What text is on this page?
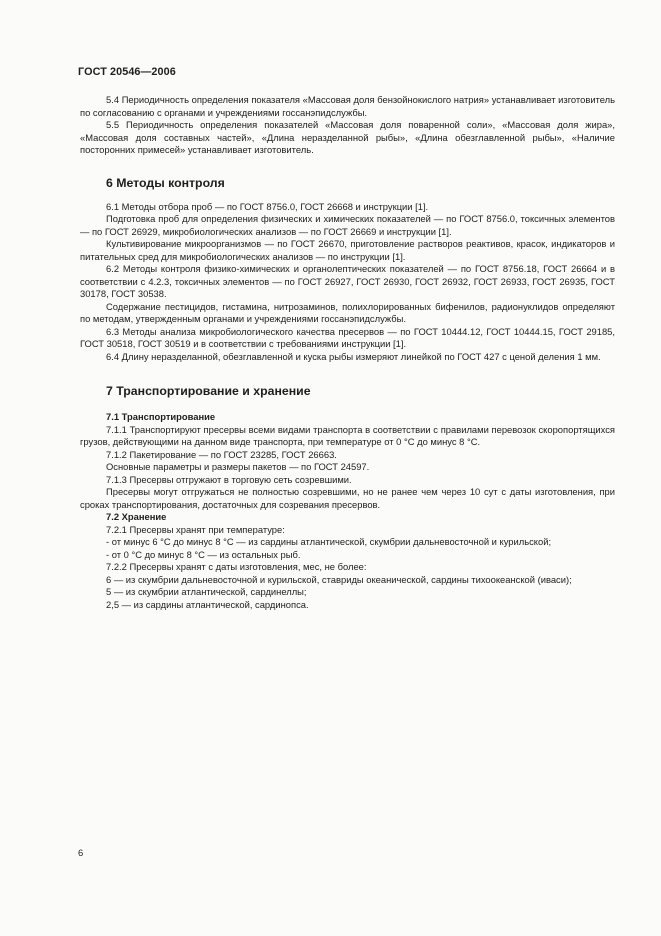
ГОСТ 20546—2006

5.4 Периодичность определения показателя «Массовая доля бензойнокислого натрия» устанавливает изготовитель по согласованию с органами и учреждениями госсанэпидслужбы.

5.5 Периодичность определения показателей «Массовая доля поваренной соли», «Массовая доля жира», «Массовая доля составных частей», «Длина неразделанной рыбы», «Длина обезглавленной рыбы», «Наличие посторонних примесей» устанавливает изготовитель.

6 Методы контроля

6.1 Методы отбора проб — по ГОСТ 8756.0, ГОСТ 26668 и инструкции [1].

Подготовка проб для определения физических и химических показателей — по ГОСТ 8756.0, токсичных элементов — по ГОСТ 26929, микробиологических анализов — по ГОСТ 26669 и инструкции [1].

Культивирование микроорганизмов — по ГОСТ 26670, приготовление растворов реактивов, красок, индикаторов и питательных сред для микробиологических анализов — по инструкции [1].

6.2 Методы контроля физико-химических и органолептических показателей — по ГОСТ 8756.18, ГОСТ 26664 и в соответствии с 4.2.3, токсичных элементов — по ГОСТ 26927, ГОСТ 26930, ГОСТ 26932, ГОСТ 26933, ГОСТ 26935, ГОСТ 30178, ГОСТ 30538.

Содержание пестицидов, гистамина, нитрозаминов, полихлорированных бифенилов, радионуклидов определяют по методам, утвержденным органами и учреждениями госсанэпидслужбы.

6.3 Методы анализа микробиологического качества пресервов — по ГОСТ 10444.12, ГОСТ 10444.15, ГОСТ 29185, ГОСТ 30518, ГОСТ 30519 и в соответствии с требованиями инструкции [1].

6.4 Длину неразделанной, обезглавленной и куска рыбы измеряют линейкой по ГОСТ 427 с ценой деления 1 мм.

7 Транспортирование и хранение

7.1 Транспортирование

7.1.1 Транспортируют пресервы всеми видами транспорта в соответствии с правилами перевозок скоропортящихся грузов, действующими на данном виде транспорта, при температуре от 0 °С до минус 8 °С.

7.1.2 Пакетирование — по ГОСТ 23285, ГОСТ 26663.

Основные параметры и размеры пакетов — по ГОСТ 24597.

7.1.3 Пресервы отгружают в торговую сеть созревшими.

Пресервы могут отгружаться не полностью созревшими, но не ранее чем через 10 сут с даты изготовления, при сроках транспортирования, достаточных для созревания пресервов.

7.2 Хранение

7.2.1 Пресервы хранят при температуре:

- от минус 6 °С до минус 8 °С — из сардины атлантической, скумбрии дальневосточной и курильской;

- от 0 °С до минус 8 °С — из остальных рыб.

7.2.2 Пресервы хранят с даты изготовления, мес, не более:

6 — из скумбрии дальневосточной и курильской, ставриды океанической, сардины тихоокеанской (иваси);

5 — из скумбрии атлантической, сардинеллы;

2,5 — из сардины атлантической, сардинопса.

6
